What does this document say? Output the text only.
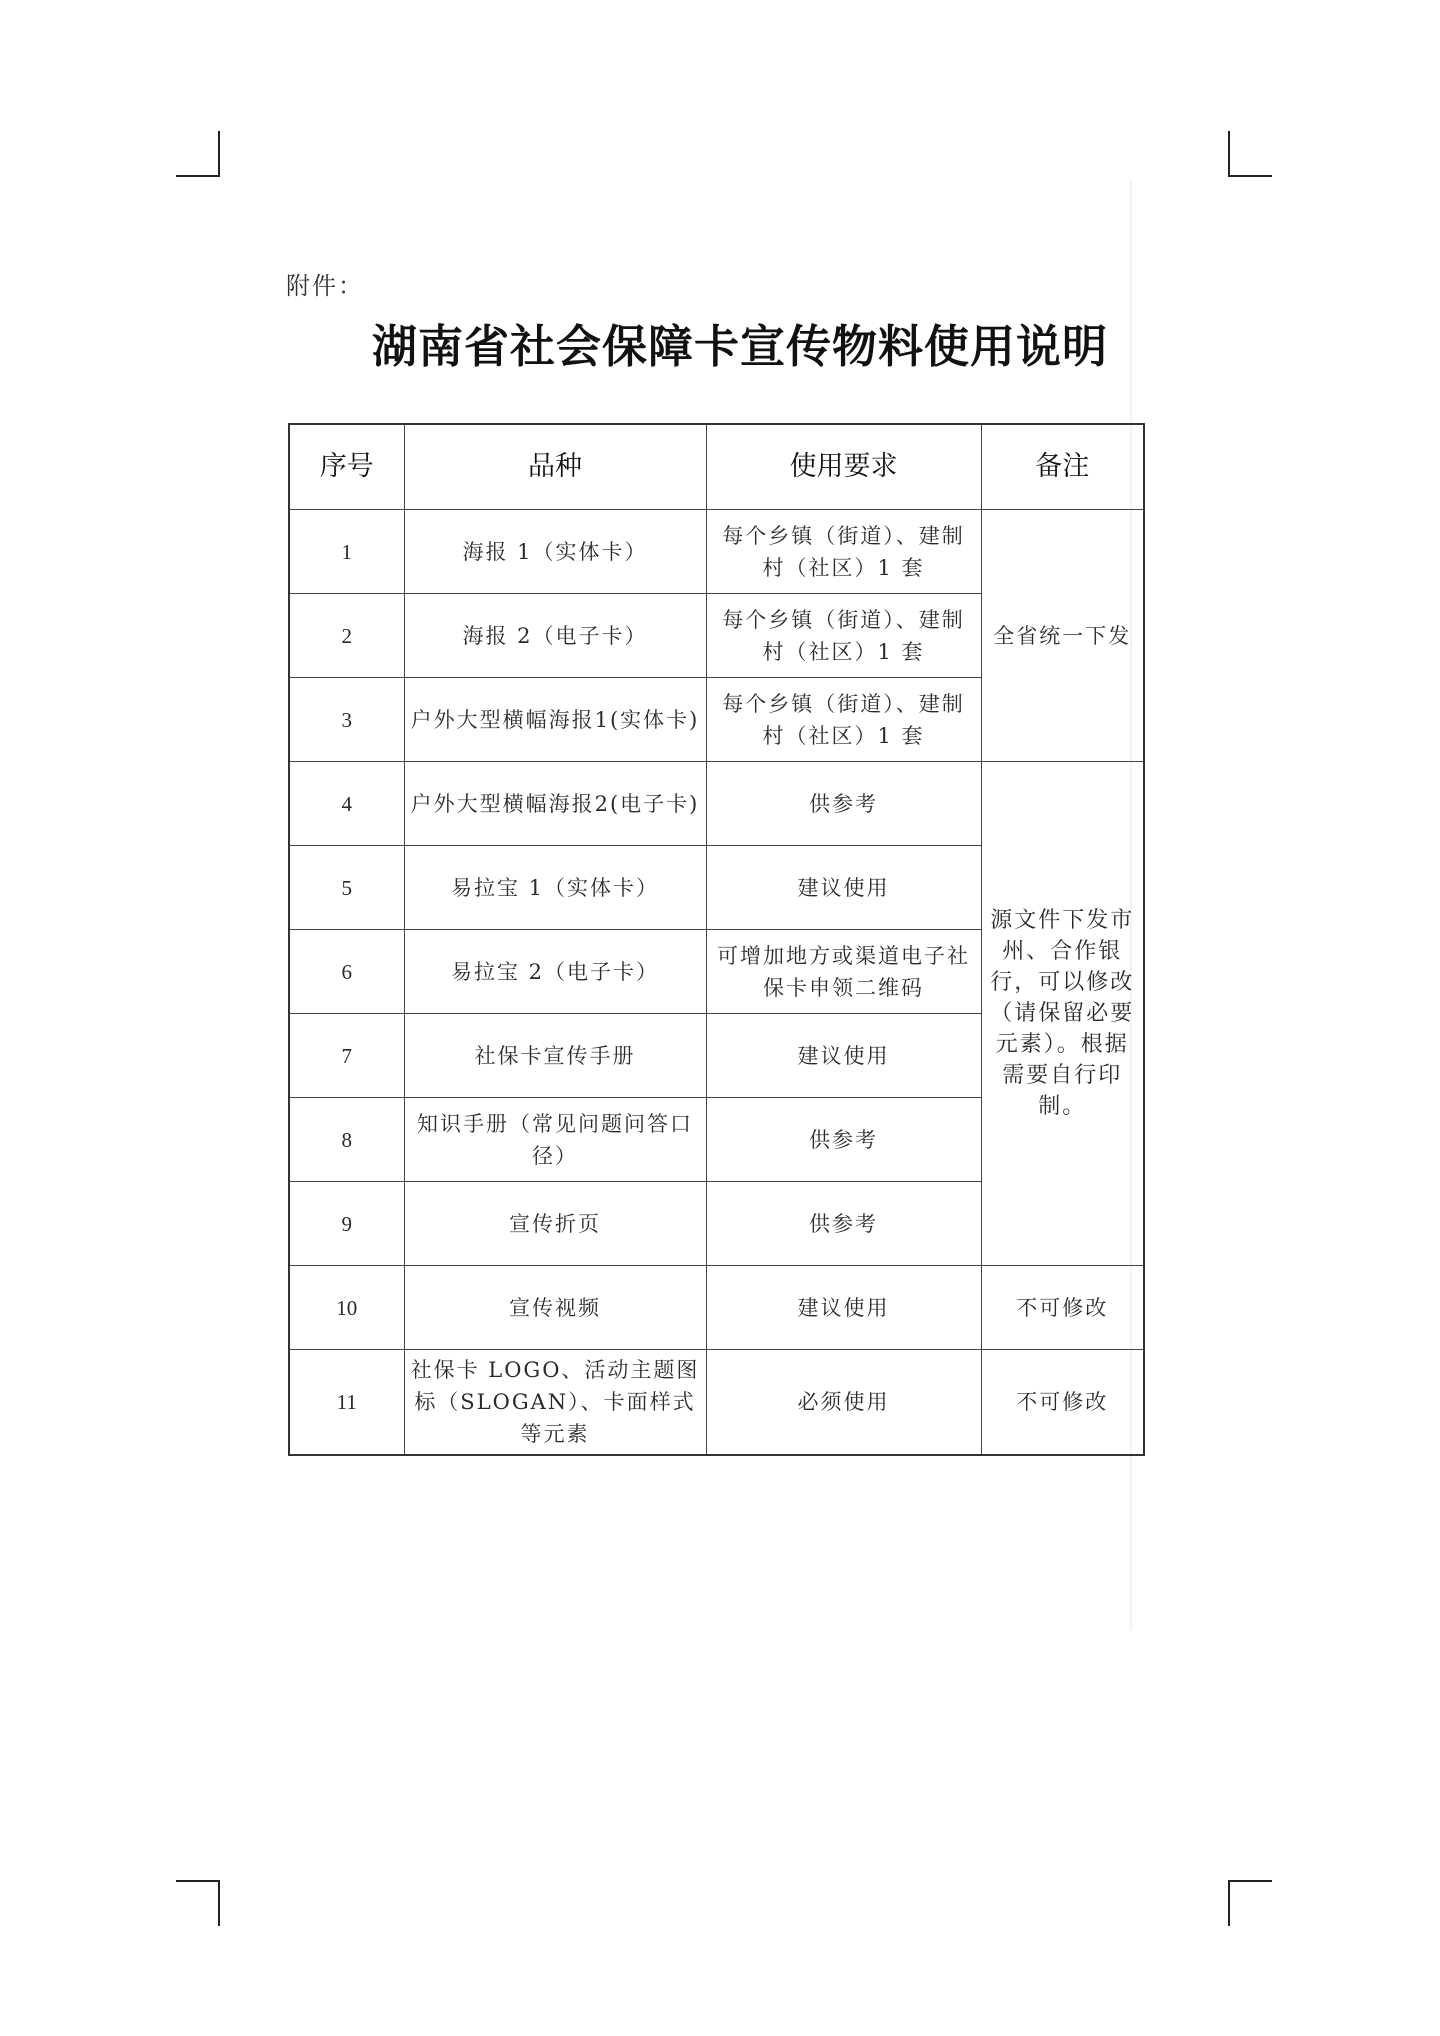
附件：
湖南省社会保障卡宣传物料使用说明
序号	品种	使用要求	备注
1	海报 1（实体卡）	每个乡镇（街道）、建制村（社区）1 套	全省统一下发
2	海报 2（电子卡）	每个乡镇（街道）、建制村（社区）1 套	
3	户外大型横幅海报1(实体卡)	每个乡镇（街道）、建制村（社区）1 套	
4	户外大型横幅海报2(电子卡)	供参考	源文件下发市州、合作银行，可以修改（请保留必要元素）。根据需要自行印制。
5	易拉宝 1（实体卡）	建议使用	
6	易拉宝 2（电子卡）	可增加地方或渠道电子社保卡申领二维码	
7	社保卡宣传手册	建议使用	
8	知识手册（常见问题问答口径）	供参考	
9	宣传折页	供参考	
10	宣传视频	建议使用	不可修改
11	社保卡 LOGO、活动主题图标（SLOGAN）、卡面样式等元素	必须使用	不可修改
